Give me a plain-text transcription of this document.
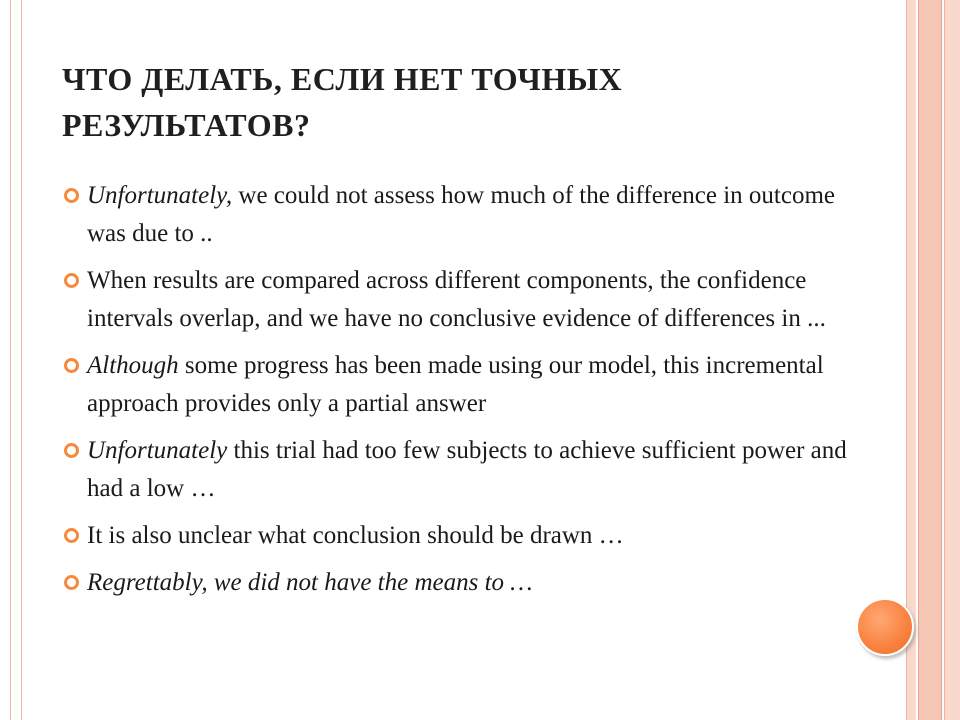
ЧТО ДЕЛАТЬ, ЕСЛИ НЕТ ТОЧНЫХ
РЕЗУЛЬТАТОВ?
Unfortunately, we could not assess how much of the difference in outcome was due to ..
When results are compared across different components, the confidence intervals overlap, and we have no conclusive evidence of differences in ...
Although some progress has been made using our model, this incremental approach provides only a partial answer
Unfortunately this trial had too few subjects to achieve sufficient power and had a low …
It is also unclear what conclusion should be drawn …
Regrettably, we did not have the means to …
